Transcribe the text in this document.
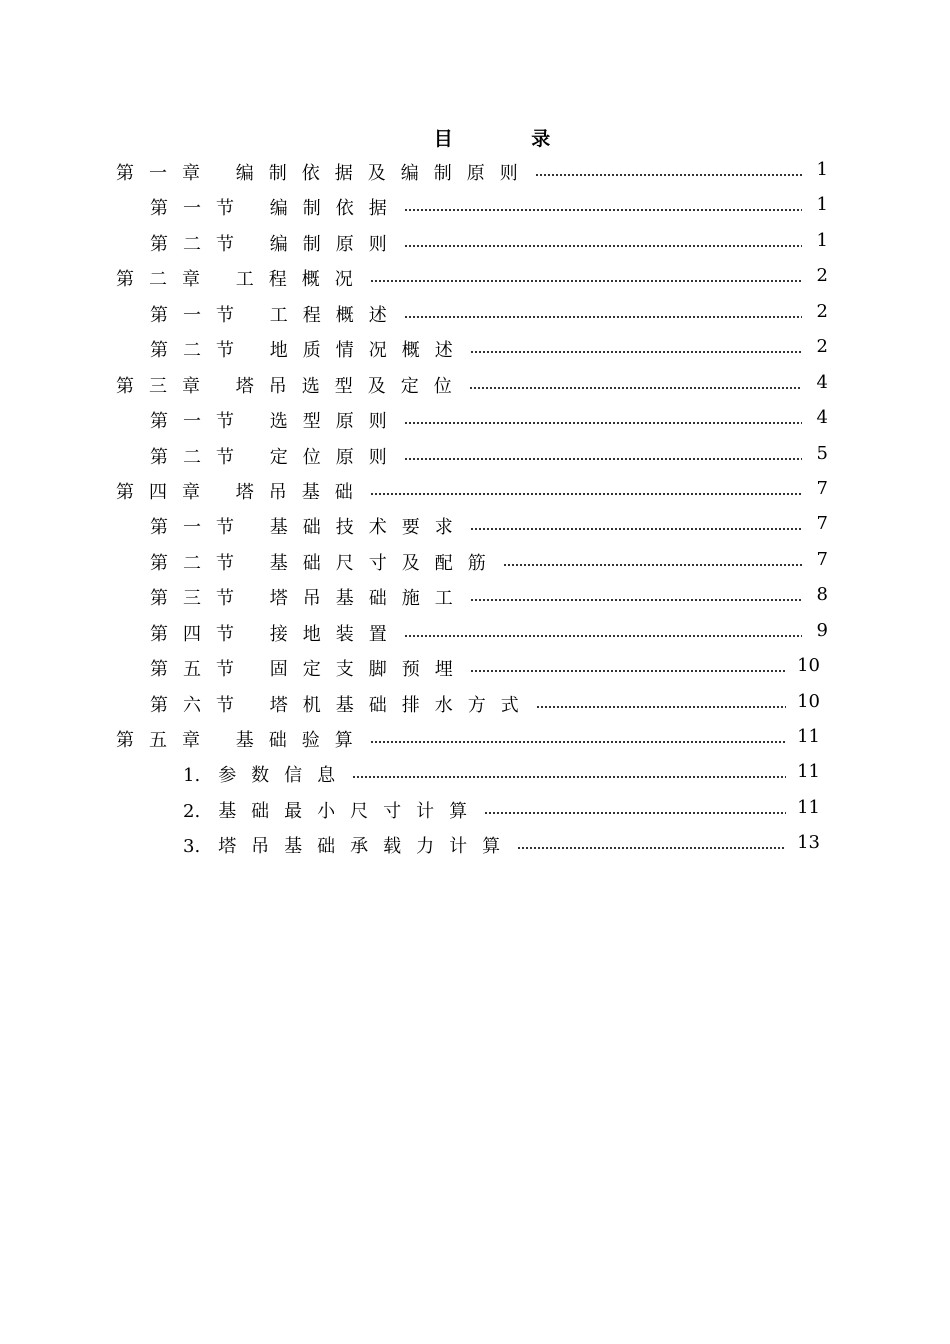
目 录
第一章 编制依据及编制原则	1
第一节 编制依据	1
第二节 编制原则	1
第二章 工程概况	2
第一节 工程概述	2
第二节 地质情况概述	2
第三章 塔吊选型及定位	4
第一节 选型原则	4
第二节 定位原则	5
第四章 塔吊基础	7
第一节 基础技术要求	7
第二节 基础尺寸及配筋	7
第三节 塔吊基础施工	8
第四节 接地装置	9
第五节 固定支脚预埋	10
第六节 塔机基础排水方式	10
第五章 基础验算	11
1. 参数信息	11
2. 基础最小尺寸计算	11
3. 塔吊基础承载力计算	13
